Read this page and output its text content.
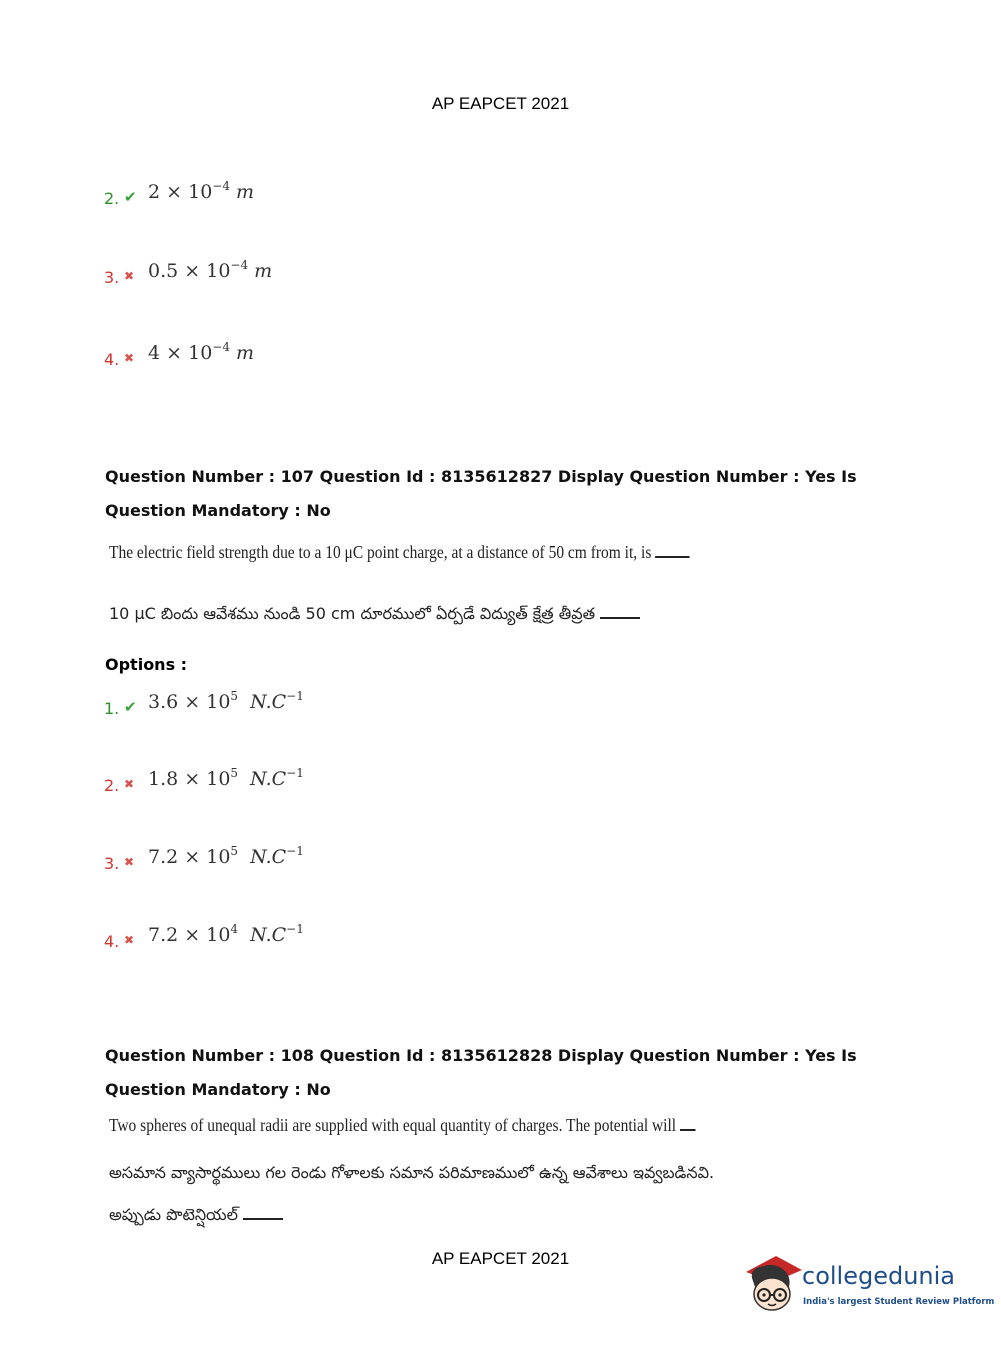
AP EAPCET 2021
2. ✔ $2 \times 10^{-4}$ m
3. ✖ $0.5 \times 10^{-4}$ m
4. ✖ $4 \times 10^{-4}$ m
Question Number : 107 Question Id : 8135612827 Display Question Number : Yes Is Question Mandatory : No
The electric field strength due to a 10 μC point charge, at a distance of 50 cm from it, is
10 μC బిందు ఆవేశము నుండి 50 cm దూరములో ఏర్పడే విద్యుత్ క్షేత్ర తీవ్రత
Options :
1. ✔ $3.6 \times 10^5$ $N.C^{-1}$
2. ✖ $1.8 \times 10^5$ $N.C^{-1}$
3. ✖ $7.2 \times 10^5$ $N.C^{-1}$
4. ✖ $7.2 \times 10^4$ $N.C^{-1}$
Question Number : 108 Question Id : 8135612828 Display Question Number : Yes Is Question Mandatory : No
Two spheres of unequal radii are supplied with equal quantity of charges. The potential will
అసమాన వ్యాసార్థములు గల రెండు గోళాలకు సమాన పరిమాణములో ఉన్న ఆవేశాలు ఇవ్వబడినవి.
అప్పుడు పొటెన్షియల్
AP EAPCET 2021
collegedunia
India's largest Student Review Platform
